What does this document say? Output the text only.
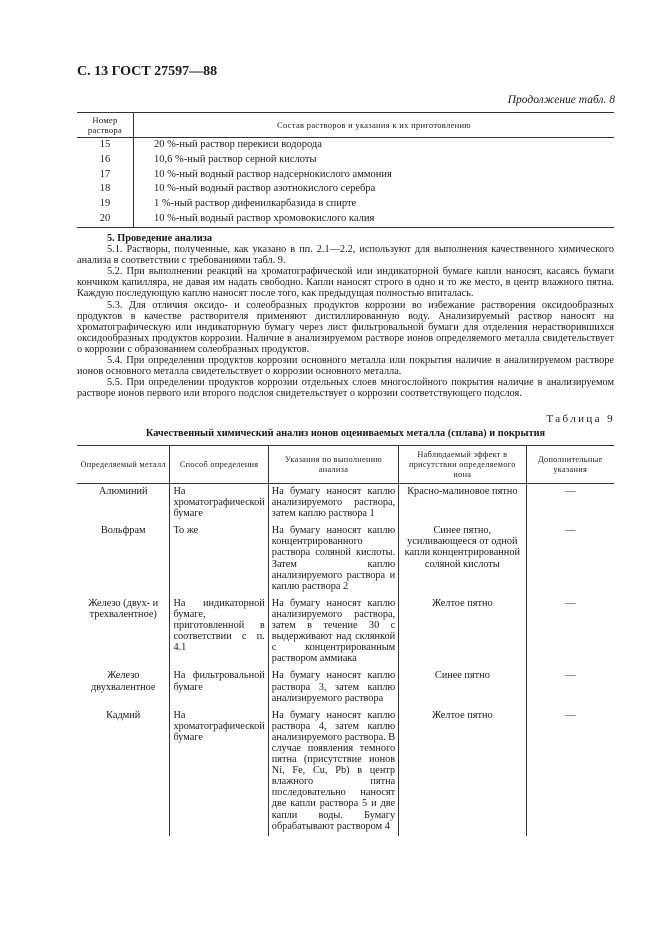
С. 13 ГОСТ 27597—88
Продолжение табл. 8
Номер раствора	Состав растворов и указания к их приготовлению
15	20 %-ный раствор перекиси водорода
16	10,6 %-ный раствор серной кислоты
17	10 %-ный водный раствор надсернокислого аммония
18	10 %-ный водный раствор азотнокислого серебра
19	1 %-ный раствор дифенилкарбазида в спирте
20	10 %-ный водный раствор хромовокислого калия

5. Проведение анализа

5.1. Растворы, полученные, как указано в пп. 2.1—2.2, используют для выполнения качественного химического анализа в соответствии с требованиями табл. 9.

5.2. При выполнении реакций на хроматографической или индикаторной бумаге капли наносят, касаясь бумаги кончиком капилляра, не давая им надать свободно. Капли наносят строго в одно и то же место, в центр влажного пятна. Каждую последующую каплю наносят после того, как предыдущая полностью впиталась.

5.3. Для отличия оксидо- и солеобразных продуктов коррозии во избежание растворения оксидообразных продуктов в качестве растворителя применяют дистиллированную воду. Анализируемый раствор наносят на хроматографическую или индикаторную бумагу через лист фильтровальной бумаги для отделения нерастворившихся оксидообразных продуктов коррозии. Наличие в анализируемом растворе ионов определяемого металла свидетельствует о коррозии с образованием солеобразных продуктов.

5.4. При определении продуктов коррозии основного металла или покрытия наличие в анализируемом растворе ионов основного металла свидетельствует о коррозии основного металла.

5.5. При определении продуктов коррозии отдельных слоев многослойного покрытия наличие в анализируемом растворе ионов первого или второго подслоя свидетельствует о коррозии соответствующего подслоя.

Таблица 9
Качественный химический анализ ионов оцениваемых металла (сплава) и покрытия
Определяемый металл	Способ определения	Указания по выполнению анализа	Наблюдаемый эффект в присутствии определяемого иона	Дополнительные указания
Алюминий	На хроматографической бумаге	На бумагу наносят каплю анализируемого раствора, затем каплю раствора 1	Красно-малиновое пятно	—
Вольфрам	То же	На бумагу наносят каплю концентрированного раствора соляной кислоты. Затем каплю анализируемого раствора и каплю раствора 2	Синее пятно, усиливающееся от одной капли концентрированной соляной кислоты	—
Железо (двух- и трехвалентное)	На индикаторной бумаге, приготовленной в соответствии с п. 4.1	На бумагу наносят каплю анализируемого раствора, затем в течение 30 с выдерживают над склянкой с концентрированным раствором аммиака	Желтое пятно	—
Железо двухвалентное	На фильтровальной бумаге	На бумагу наносят каплю раствора 3, затем каплю анализируемого раствора	Синее пятно	—
Кадмий	На хроматографической бумаге	На бумагу наносят каплю раствора 4, затем каплю анализируемого раствора. В случае появления темного пятна (присутствие ионов Ni, Fe, Cu, Pb) в центр влажного пятна последовательно наносят две капли раствора 5 и две капли воды. Бумагу обрабатывают раствором 4	Желтое пятно	—
